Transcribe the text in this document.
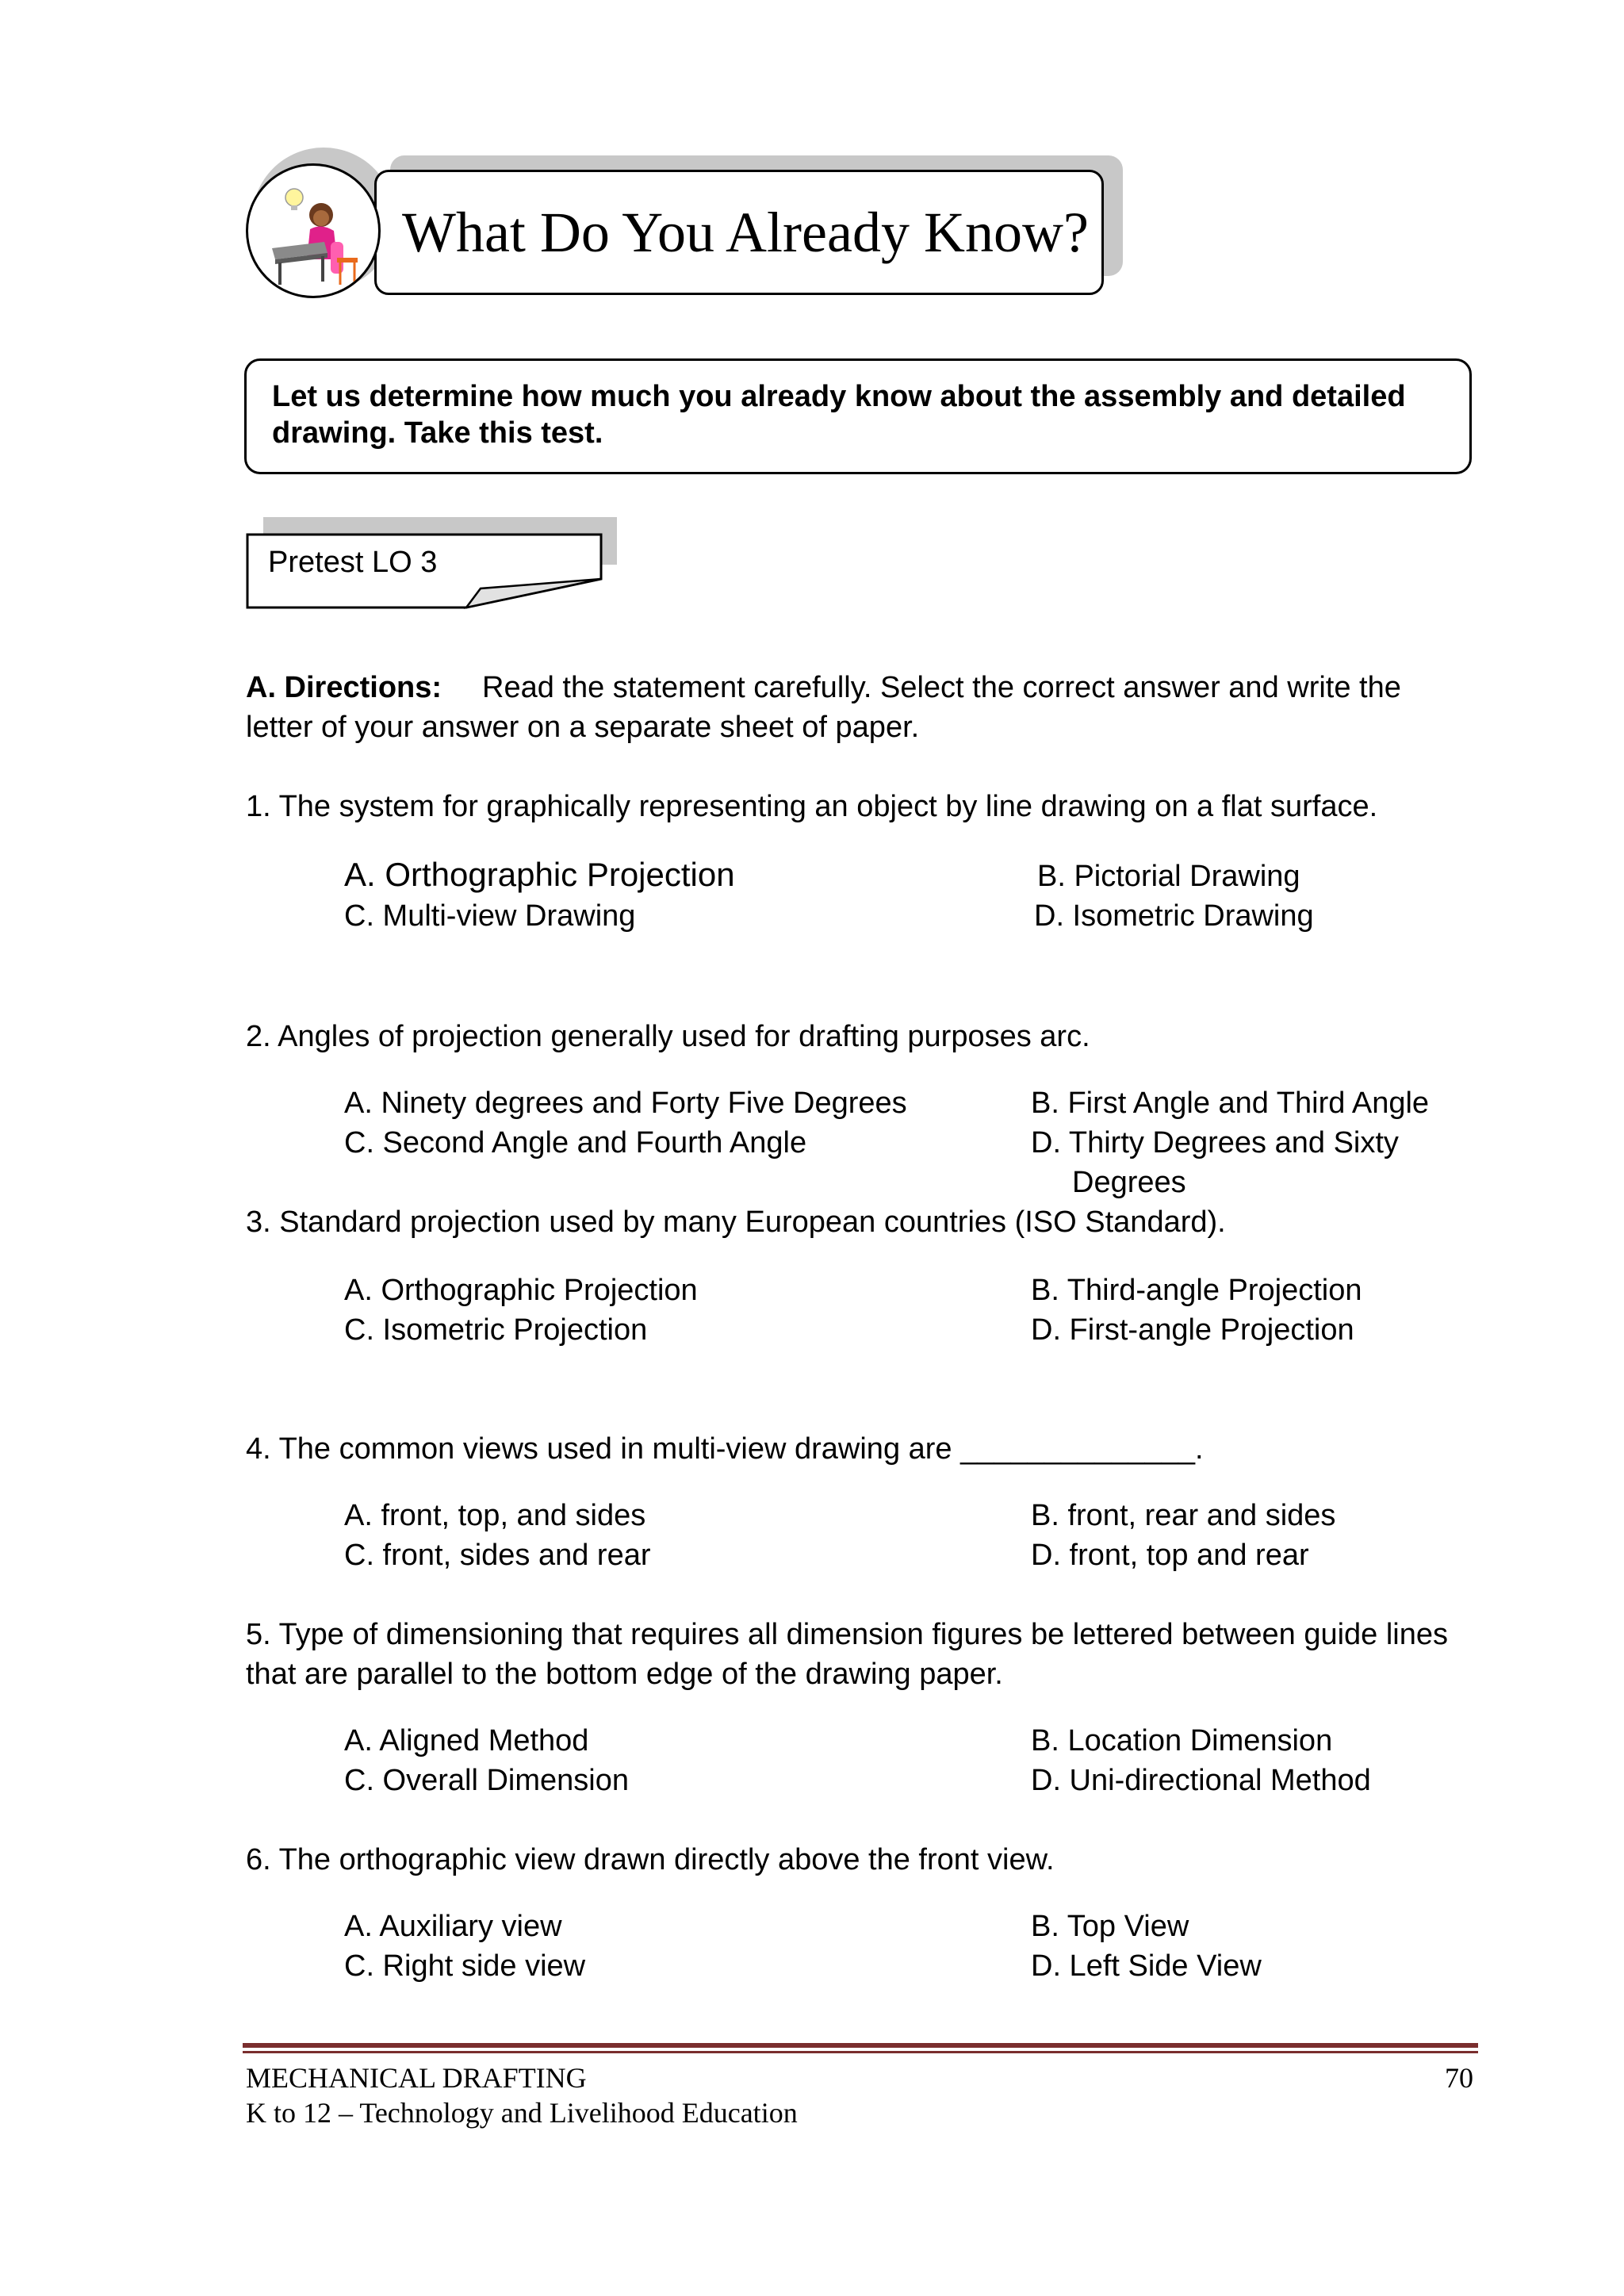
What Do You Already Know?
Let us determine how much you already know about the assembly and detailed
drawing. Take this test.
Pretest LO 3
A. Directions: Read the statement carefully. Select the correct answer and write the
letter of your answer on a separate sheet of paper.
1. The system for graphically representing an object by line drawing on a flat surface.
A. Orthographic Projection	B. Pictorial Drawing
C. Multi-view Drawing	D. Isometric Drawing
2. Angles of projection generally used for drafting purposes arc.
A. Ninety degrees and Forty Five Degrees	B. First Angle and Third Angle
C. Second Angle and Fourth Angle	D. Thirty Degrees and Sixty
Degrees
3. Standard projection used by many European countries (ISO Standard).
A. Orthographic Projection	B. Third-angle Projection
C. Isometric Projection	D. First-angle Projection
4. The common views used in multi-view drawing are ______________.
A. front, top, and sides	B. front, rear and sides
C. front, sides and rear	D. front, top and rear
5. Type of dimensioning that requires all dimension figures be lettered between guide lines
that are parallel to the bottom edge of the drawing paper.
A. Aligned Method	B. Location Dimension
C. Overall Dimension	D. Uni-directional Method
6. The orthographic view drawn directly above the front view.
A. Auxiliary view	B. Top View
C. Right side view	D. Left Side View
MECHANICAL DRAFTING	70
K to 12 – Technology and Livelihood Education
